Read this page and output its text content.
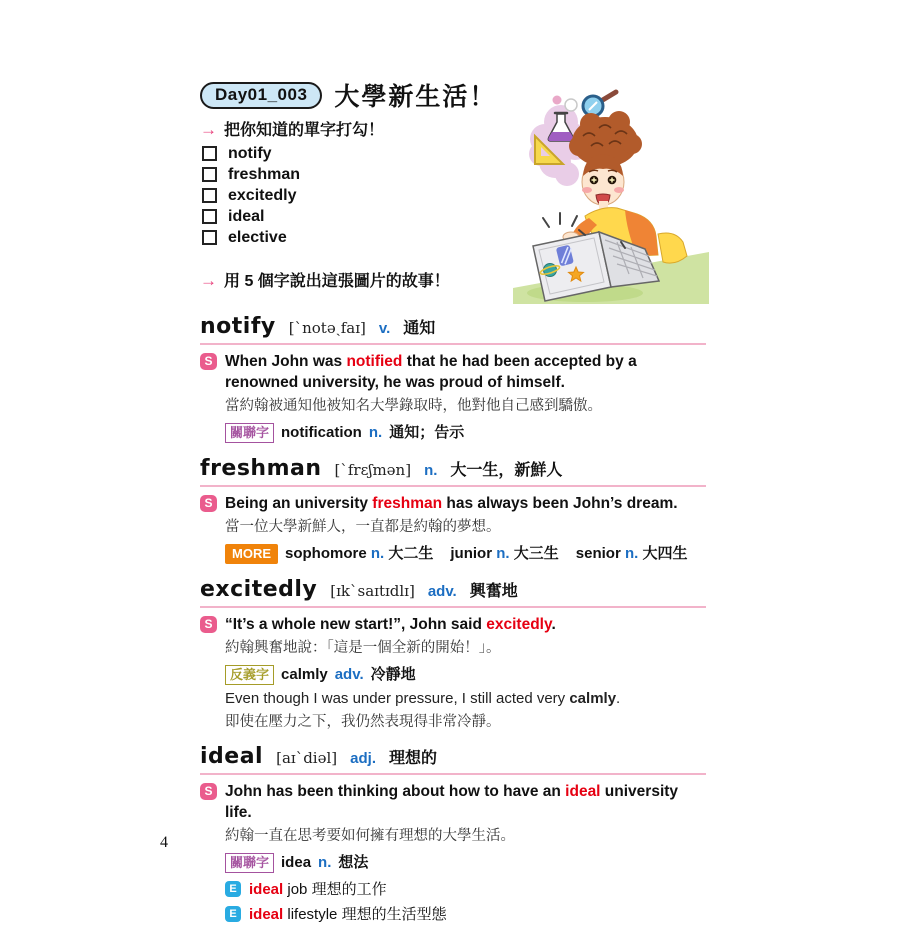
Day01_003	大學新生活！
→ 把你知道的單字打勾！
notify
freshman
excitedly
ideal
elective
→ 用 5 個字說出這張圖片的故事！
notify [ˋnotəˏfaɪ] v. 通知
S When John was notified that he had been accepted by a renowned university, he was proud of himself.

當約翰被通知他被知名大學錄取時，他對他自己感到驕傲。
關聯字 notification n. 通知；告示
freshman [ˋfrɛʃmən] n. 大一生，新鮮人
S Being an university freshman has always been John’s dream.

當一位大學新鮮人，一直都是約翰的夢想。
MORE sophomore n. 大二生 junior n. 大三生 senior n. 大四生
excitedly [ɪkˋsaɪtɪdlɪ] adv. 興奮地
S “It’s a whole new start!”, John said excitedly.

約翰興奮地說：「這是一個全新的開始！」。
反義字 calmly adv. 冷靜地
Even though I was under pressure, I still acted very calmly.
即使在壓力之下，我仍然表現得非常冷靜。
ideal [aɪˋdiəl] adj. 理想的
S John has been thinking about how to have an ideal university life.

約翰一直在思考要如何擁有理想的大學生活。
關聯字 idea n. 想法
E ideal job 理想的工作
E ideal lifestyle 理想的生活型態
4
